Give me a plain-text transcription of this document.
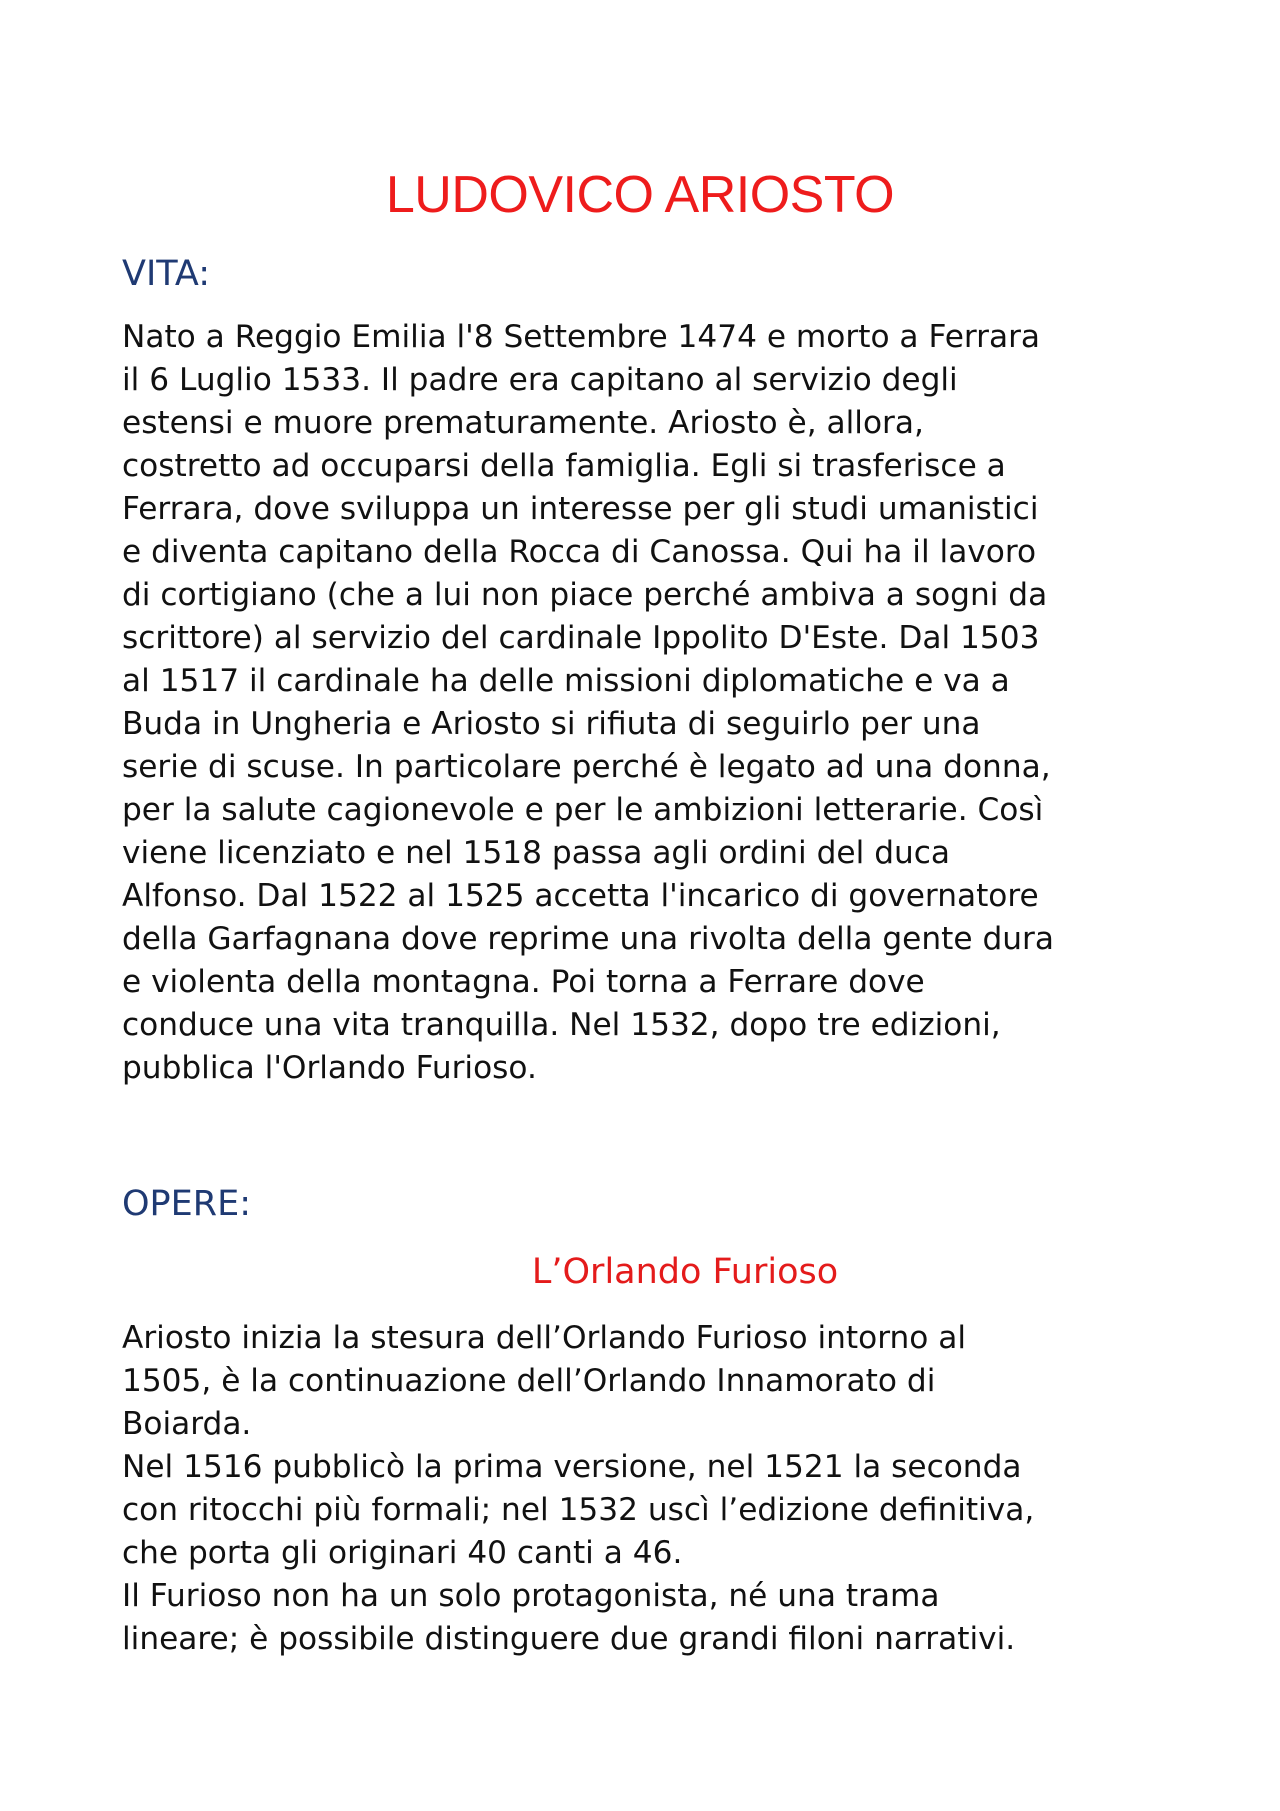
LUDOVICO ARIOSTO
VITA:

Nato a Reggio Emilia l'8 Settembre 1474 e morto a Ferrara
il 6 Luglio 1533. Il padre era capitano al servizio degli
estensi e muore prematuramente. Ariosto è, allora,
costretto ad occuparsi della famiglia. Egli si trasferisce a
Ferrara, dove sviluppa un interesse per gli studi umanistici
e diventa capitano della Rocca di Canossa. Qui ha il lavoro
di cortigiano (che a lui non piace perché ambiva a sogni da
scrittore) al servizio del cardinale Ippolito D'Este. Dal 1503
al 1517 il cardinale ha delle missioni diplomatiche e va a
Buda in Ungheria e Ariosto si rifiuta di seguirlo per una
serie di scuse. In particolare perché è legato ad una donna,
per la salute cagionevole e per le ambizioni letterarie. Così
viene licenziato e nel 1518 passa agli ordini del duca
Alfonso. Dal 1522 al 1525 accetta l'incarico di governatore
della Garfagnana dove reprime una rivolta della gente dura
e violenta della montagna. Poi torna a Ferrare dove
conduce una vita tranquilla. Nel 1532, dopo tre edizioni,
pubblica l'Orlando Furioso.

OPERE:
L’Orlando Furioso

Ariosto inizia la stesura dell’Orlando Furioso intorno al
1505, è la continuazione dell’Orlando Innamorato di
Boiarda.
Nel 1516 pubblicò la prima versione, nel 1521 la seconda
con ritocchi più formali; nel 1532 uscì l’edizione definitiva,
che porta gli originari 40 canti a 46.
Il Furioso non ha un solo protagonista, né una trama
lineare; è possibile distinguere due grandi filoni narrativi.
